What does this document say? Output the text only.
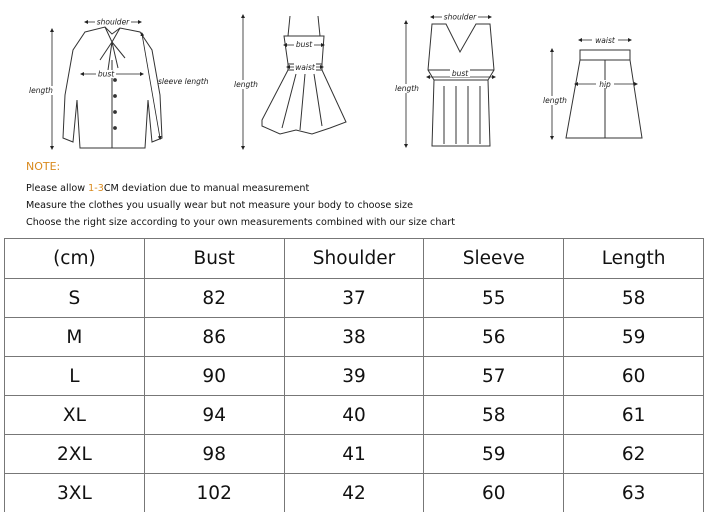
shoulder
bust
sleeve length
length
bust
waist
length
shoulder
bust
length
waist
hip
length
NOTE:
Please allow 1-3CM deviation due to manual measurement
Measure the clothes you usually wear but not measure your body to choose size
Choose the right size according to your own measurements combined with our size chart
(cm)	Bust	Shoulder	Sleeve	Length
S	82	37	55	58
M	86	38	56	59
L	90	39	57	60
XL	94	40	58	61
2XL	98	41	59	62
3XL	102	42	60	63
